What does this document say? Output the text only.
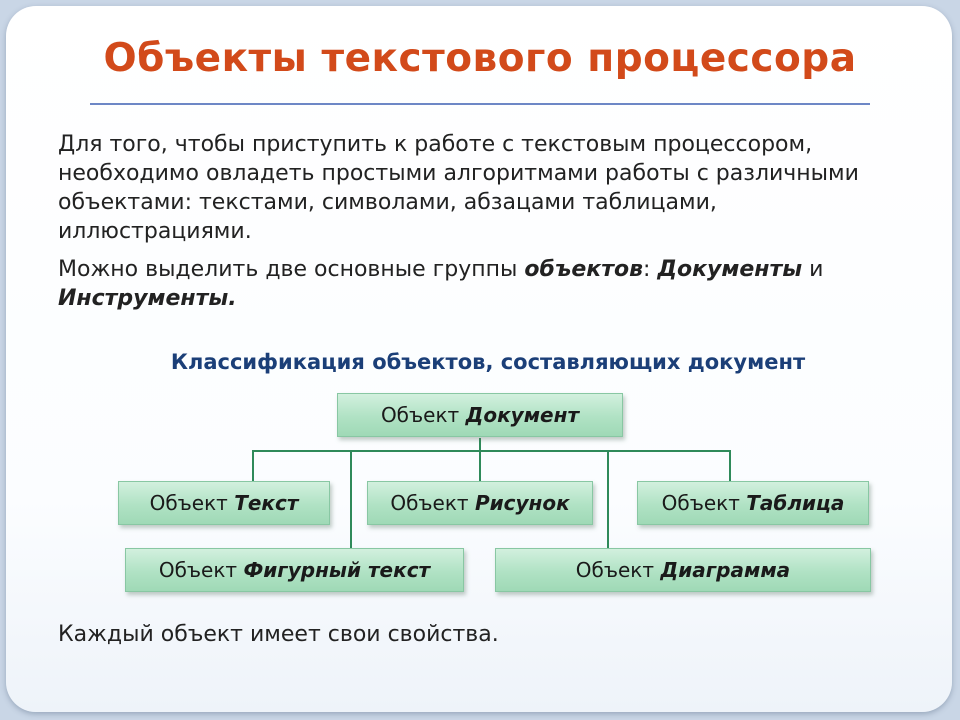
Объекты текстового процессора
Для того, чтобы приступить к работе с текстовым процессором,
необходимо овладеть простыми алгоритмами работы с различными
объектами: текстами, символами, абзацами таблицами,
иллюстрациями.
Можно выделить две основные группы объектов: Документы и
Инструменты.
Классификация объектов, составляющих документ
Объект Документ
Объект Текст	Объект Рисунок	Объект Таблица
Объект Фигурный текст	Объект Диаграмма
Каждый объект имеет свои свойства.
